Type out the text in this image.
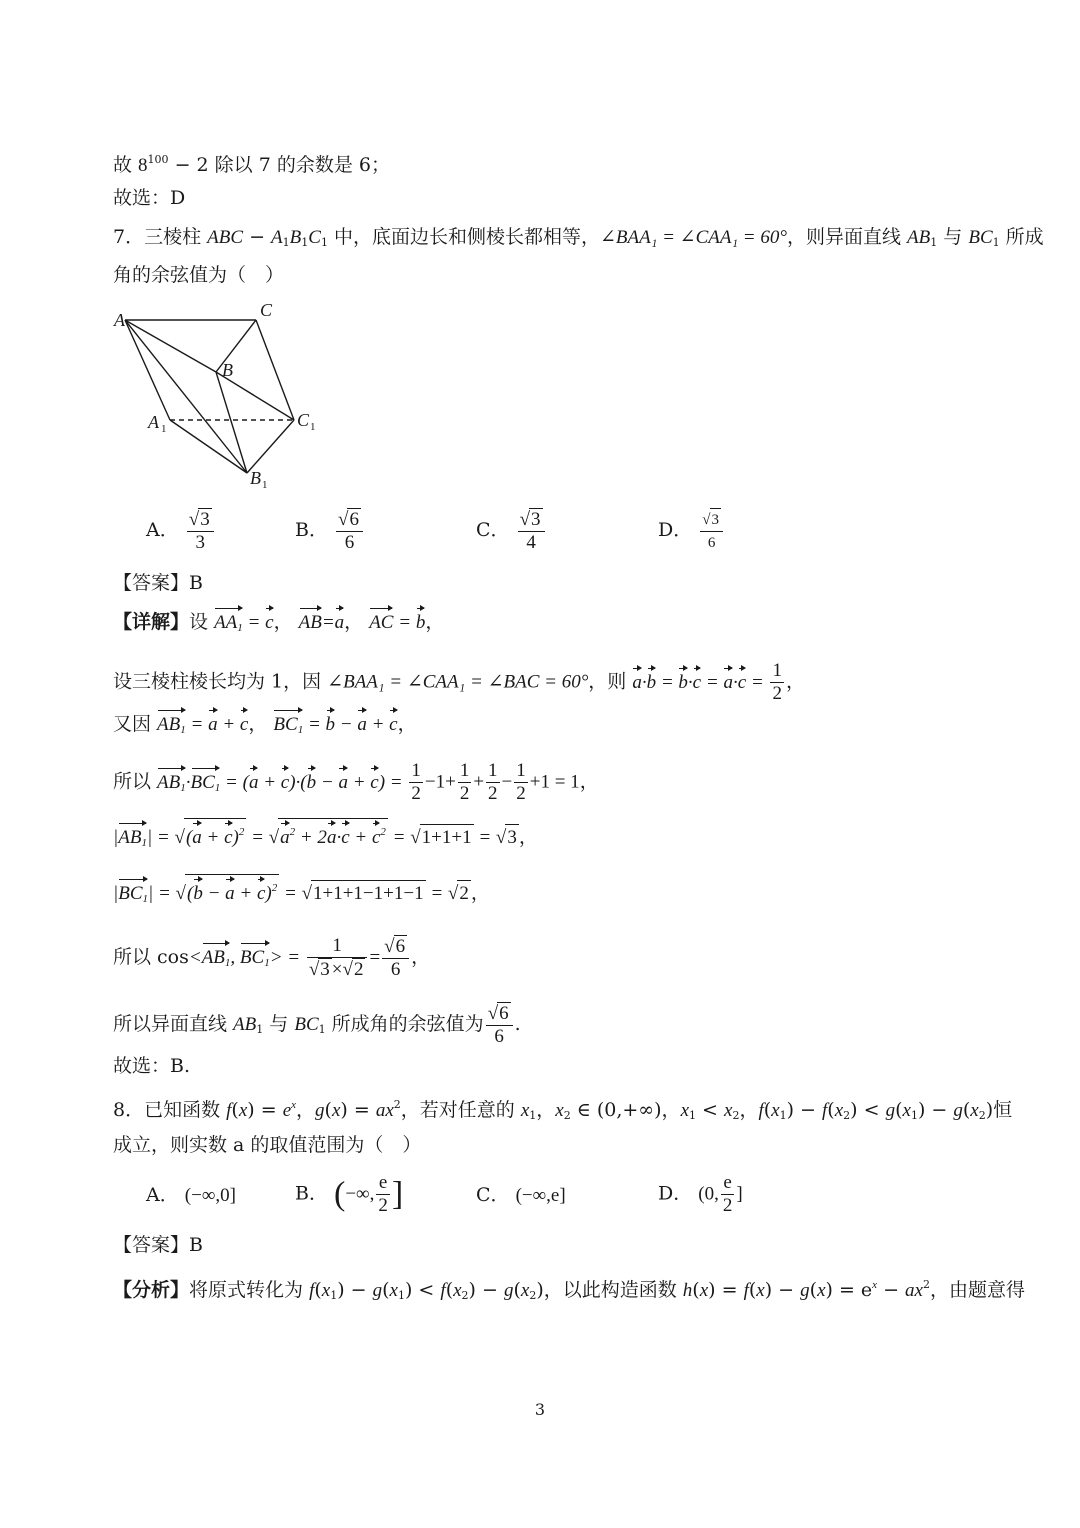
故 $8^{100} - 2$ 除以 7 的余数是 6；
故选：D
7．三棱柱 ABC − $A_1B_1C_1$ 中，底面边长和侧棱长都相等，∠BAA₁ = ∠CAA₁ = 60°，则异面直线 $AB_1$ 与 $BC_1$ 所成
角的余弦值为（　）
A	C
B
A 1	C 1
B 1
A． $\frac{√3}{3}$	B． $\frac{√6}{6}$	C． $\frac{√3}{4}$	D． $\frac{√3}{6}$
【答案】B
【详解】设 $AA_1 = c$， AB=a， AC = b，
设三棱柱棱长均为 1，因 ∠BAA₁ = ∠CAA₁ = ∠BAC = 60°，则 $a\cdot b = b\cdot c = a\cdot c = \frac{1}{2}$ ，
又因 $AB_1 = a + c$， $BC_1 = b - a + c$，
所以 $AB_1\cdot BC_1 = (a + c)\cdot(b - a + c) = \frac{1}{2} -1+ \frac{1}{2} + \frac{1}{2} - \frac{1}{2} +1 = 1$，
$|AB_1| = √(a + c)^2 = √a^2 + 2a\cdot c + c^2 = √1+1+1 = √3$ ，
$|BC_1| = √(b - a + c)^2 = √1+1+1-1+1-1 = √2$ ，
所以 $\cos<AB_1$, $BC_1> = \frac{1}{√3 \times√2} = \frac{√6}{6}$ ，
所以异面直线 $AB_1$ 与 $BC_1$ 所成角的余弦值为 $\frac{√6}{6}$ .
故选：B.
8．已知函数 $f(x) = e^x$，$g(x) = ax^2$，若对任意的 $x_1$，$x_2$ ∈ (0,+∞)，$x_1 < x_2$，$f(x_1) - f(x_2) < g(x_1) - g(x_2)$恒
成立，则实数 a 的取值范围为（　）
A． (−∞,0]	B． (−∞, $\frac{e}{2}$ ]	C． (−∞,e]	D． (0, $\frac{e}{2}$ ]
【答案】B
【分析】将原式转化为 $f(x_1) - g(x_1) < f(x_2) - g(x_2)$，以此构造函数 $h(x) = f(x) - g(x) = e^x - ax^2$，由题意得
3
